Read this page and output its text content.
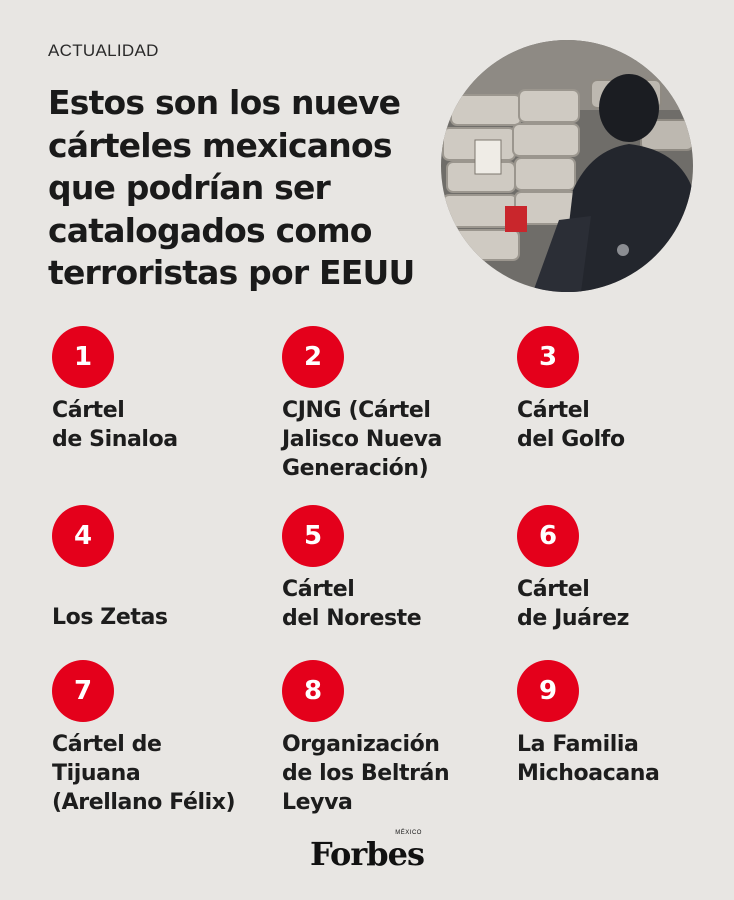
ACTUALIDAD
Estos son los nueve cárteles mexicanos que podrían ser catalogados como terroristas por EEUU
1
Cártel
de Sinaloa
2
CJNG (Cártel
Jalisco Nueva
Generación)
3
Cártel
del Golfo
4
Los Zetas
5
Cártel
del Noreste
6
Cártel
de Juárez
7
Cártel de
Tijuana
(Arellano Félix)
8
Organización
de los Beltrán
Leyva
9
La Familia
Michoacana
Forbes
MÉXICO
